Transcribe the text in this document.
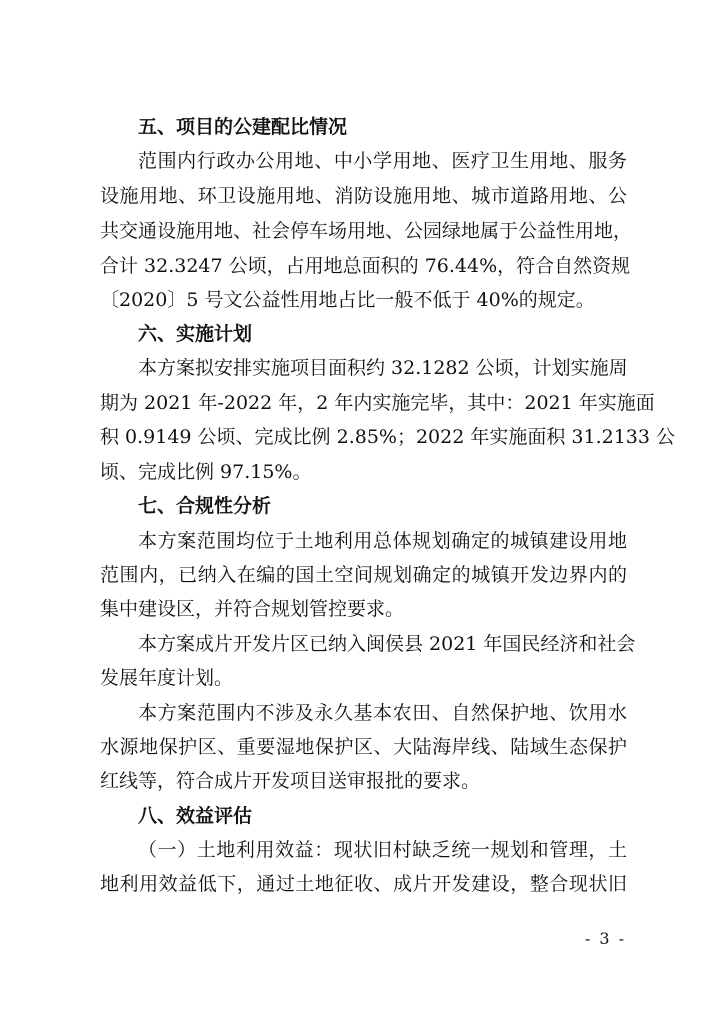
五、项目的公建配比情况
范围内行政办公用地、中小学用地、医疗卫生用地、服务
设施用地、环卫设施用地、消防设施用地、城市道路用地、公
共交通设施用地、社会停车场用地、公园绿地属于公益性用地，
合计 32.3247 公顷，占用地总面积的 76.44%，符合自然资规
〔2020〕5 号文公益性用地占比一般不低于 40%的规定。
六、实施计划
本方案拟安排实施项目面积约 32.1282 公顷，计划实施周
期为 2021 年-2022 年，2 年内实施完毕，其中：2021 年实施面
积 0.9149 公顷、完成比例 2.85%；2022 年实施面积 31.2133 公
顷、完成比例 97.15%。
七、合规性分析
本方案范围均位于土地利用总体规划确定的城镇建设用地
范围内，已纳入在编的国土空间规划确定的城镇开发边界内的
集中建设区，并符合规划管控要求。
本方案成片开发片区已纳入闽侯县 2021 年国民经济和社会
发展年度计划。
本方案范围内不涉及永久基本农田、自然保护地、饮用水
水源地保护区、重要湿地保护区、大陆海岸线、陆域生态保护
红线等，符合成片开发项目送审报批的要求。
八、效益评估
（一）土地利用效益：现状旧村缺乏统一规划和管理，土
地利用效益低下，通过土地征收、成片开发建设，整合现状旧
- 3 -
